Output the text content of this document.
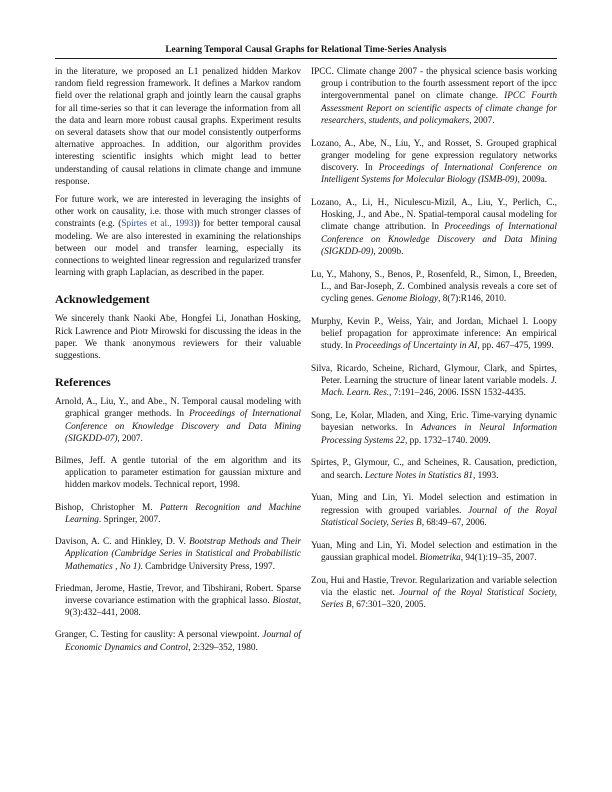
Learning Temporal Causal Graphs for Relational Time-Series Analysis

in the literature, we proposed an L1 penalized hidden Markov random field regression framework. It defines a Markov random field over the relational graph and jointly learn the causal graphs for all time-series so that it can leverage the information from all the data and learn more robust causal graphs. Experiment results on several datasets show that our model consistently outperforms alternative approaches. In addition, our algorithm provides interesting scientific insights which might lead to better understanding of causal relations in climate change and immune response.

For future work, we are interested in leveraging the insights of other work on causality, i.e. those with much stronger classes of constraints (e.g. (Spirtes et al., 1993)) for better temporal causal modeling. We are also interested in examining the relationships between our model and transfer learning, especially its connections to weighted linear regression and regularized transfer learning with graph Laplacian, as described in the paper.

Acknowledgement

We sincerely thank Naoki Abe, Hongfei Li, Jonathan Hosking, Rick Lawrence and Piotr Mirowski for discussing the ideas in the paper. We thank anonymous reviewers for their valuable suggestions.

References

Arnold, A., Liu, Y., and Abe., N. Temporal causal modeling with graphical granger methods. In Proceedings of International Conference on Knowledge Discovery and Data Mining (SIGKDD-07), 2007.

Bilmes, Jeff. A gentle tutorial of the em algorithm and its application to parameter estimation for gaussian mixture and hidden markov models. Technical report, 1998.

Bishop, Christopher M. Pattern Recognition and Machine Learning. Springer, 2007.

Davison, A. C. and Hinkley, D. V. Bootstrap Methods and Their Application (Cambridge Series in Statistical and Probabilistic Mathematics , No 1). Cambridge University Press, 1997.

Friedman, Jerome, Hastie, Trevor, and Tibshirani, Robert. Sparse inverse covariance estimation with the graphical lasso. Biostat, 9(3):432–441, 2008.

Granger, C. Testing for causlity: A personal viewpoint. Journal of Economic Dynamics and Control, 2:329–352, 1980.

IPCC. Climate change 2007 - the physical science basis working group i contribution to the fourth assessment report of the ipcc intergovernmental panel on climate change. IPCC Fourth Assessment Report on scientific aspects of climate change for researchers, students, and policymakers, 2007.

Lozano, A., Abe, N., Liu, Y., and Rosset, S. Grouped graphical granger modeling for gene expression regulatory networks discovery. In Proceedings of International Conference on Intelligent Systems for Molecular Biology (ISMB-09), 2009a.

Lozano, A., Li, H., Niculescu-Mizil, A., Liu, Y., Perlich, C., Hosking, J., and Abe., N. Spatial-temporal causal modeling for climate change attribution. In Proceedings of International Conference on Knowledge Discovery and Data Mining (SIGKDD-09), 2009b.

Lu, Y., Mahony, S., Benos, P., Rosenfeld, R., Simon, I., Breeden, L., and Bar-Joseph, Z. Combined analysis reveals a core set of cycling genes. Genome Biology, 8(7):R146, 2010.

Murphy, Kevin P., Weiss, Yair, and Jordan, Michael I. Loopy belief propagation for approximate inference: An empirical study. In Proceedings of Uncertainty in AI, pp. 467–475, 1999.

Silva, Ricardo, Scheine, Richard, Glymour, Clark, and Spirtes, Peter. Learning the structure of linear latent variable models. J. Mach. Learn. Res., 7:191–246, 2006. ISSN 1532-4435.

Song, Le, Kolar, Mladen, and Xing, Eric. Time-varying dynamic bayesian networks. In Advances in Neural Information Processing Systems 22, pp. 1732–1740. 2009.

Spirtes, P., Glymour, C., and Scheines, R. Causation, prediction, and search. Lecture Notes in Statistics 81, 1993.

Yuan, Ming and Lin, Yi. Model selection and estimation in regression with grouped variables. Journal of the Royal Statistical Society, Series B, 68:49–67, 2006.

Yuan, Ming and Lin, Yi. Model selection and estimation in the gaussian graphical model. Biometrika, 94(1):19–35, 2007.

Zou, Hui and Hastie, Trevor. Regularization and variable selection via the elastic net. Journal of the Royal Statistical Society, Series B, 67:301–320, 2005.
